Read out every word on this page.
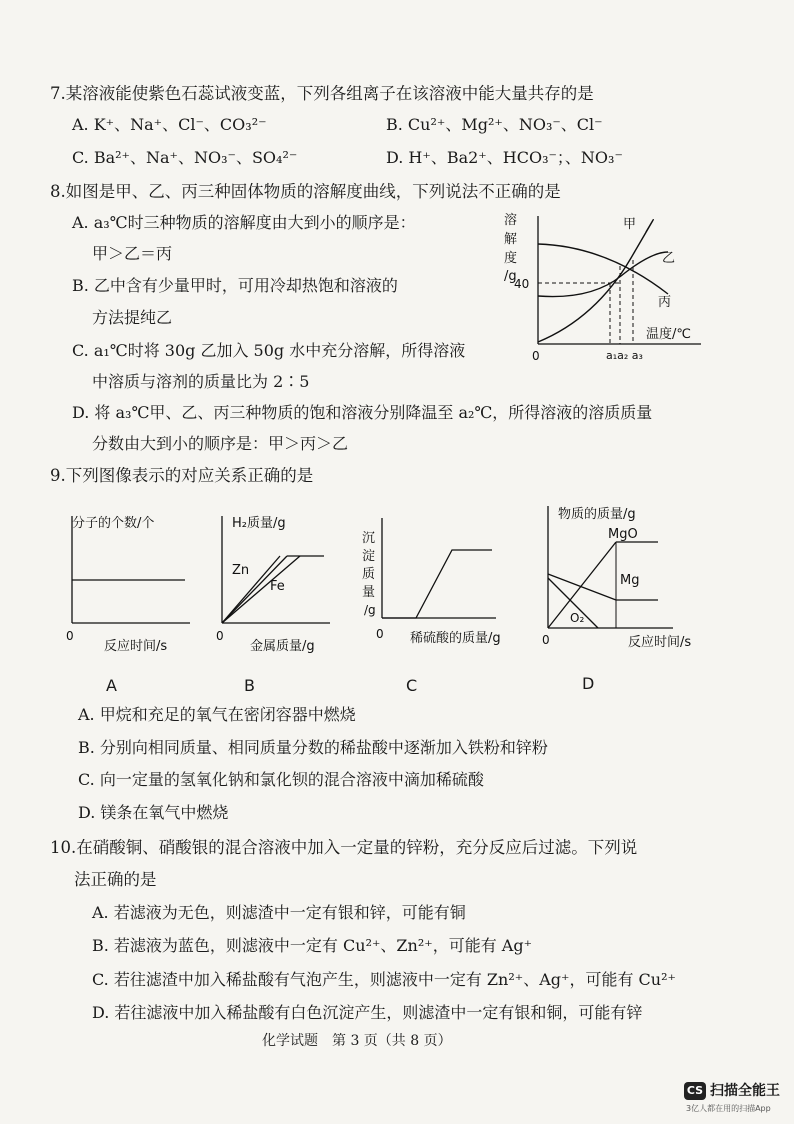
7.某溶液能使紫色石蕊试液变蓝，下列各组离子在该溶液中能大量共存的是
A. K⁺、Na⁺、Cl⁻、CO₃²⁻	B. Cu²⁺、Mg²⁺、NO₃⁻、Cl⁻
C. Ba²⁺、Na⁺、NO₃⁻、SO₄²⁻	D. H⁺、Ba2⁺、HCO₃⁻；、NO₃⁻
8.如图是甲、乙、丙三种固体物质的溶解度曲线，下列说法不正确的是
A. a₃℃时三种物质的溶解度由大到小的顺序是：
甲＞乙＝丙
B. 乙中含有少量甲时，可用冷却热饱和溶液的
方法提纯乙
C. a₁℃时将 30g 乙加入 50g 水中充分溶解，所得溶液
中溶质与溶剂的质量比为 2∶5
D. 将 a₃℃甲、乙、丙三种物质的饱和溶液分别降温至 a₂℃，所得溶液的溶质质量
分数由大到小的顺序是：甲＞丙＞乙
溶
解
度
/g
40
甲
乙
丙
温度/℃
0	a₁a₂ a₃
9.下列图像表示的对应关系正确的是
分子的个数/个
0
反应时间/s
A
H₂质量/g
Zn
Fe
0
金属质量/g
B
沉
淀
质
量
/g
0 稀硫酸的质量/g
C
物质的质量/g
MgO
Mg
O₂
0	反应时间/s
D
A. 甲烷和充足的氧气在密闭容器中燃烧
B. 分别向相同质量、相同质量分数的稀盐酸中逐渐加入铁粉和锌粉
C. 向一定量的氢氧化钠和氯化钡的混合溶液中滴加稀硫酸
D. 镁条在氧气中燃烧
10.在硝酸铜、硝酸银的混合溶液中加入一定量的锌粉，充分反应后过滤。下列说
法正确的是
A. 若滤液为无色，则滤渣中一定有银和锌，可能有铜
B. 若滤液为蓝色，则滤液中一定有 Cu²⁺、Zn²⁺，可能有 Ag⁺
C. 若往滤渣中加入稀盐酸有气泡产生，则滤液中一定有 Zn²⁺、Ag⁺，可能有 Cu²⁺
D. 若往滤液中加入稀盐酸有白色沉淀产生，则滤渣中一定有银和铜，可能有锌
化学试题　第 3 页（共 8 页）
CS 扫描全能王
3亿人都在用的扫描App
